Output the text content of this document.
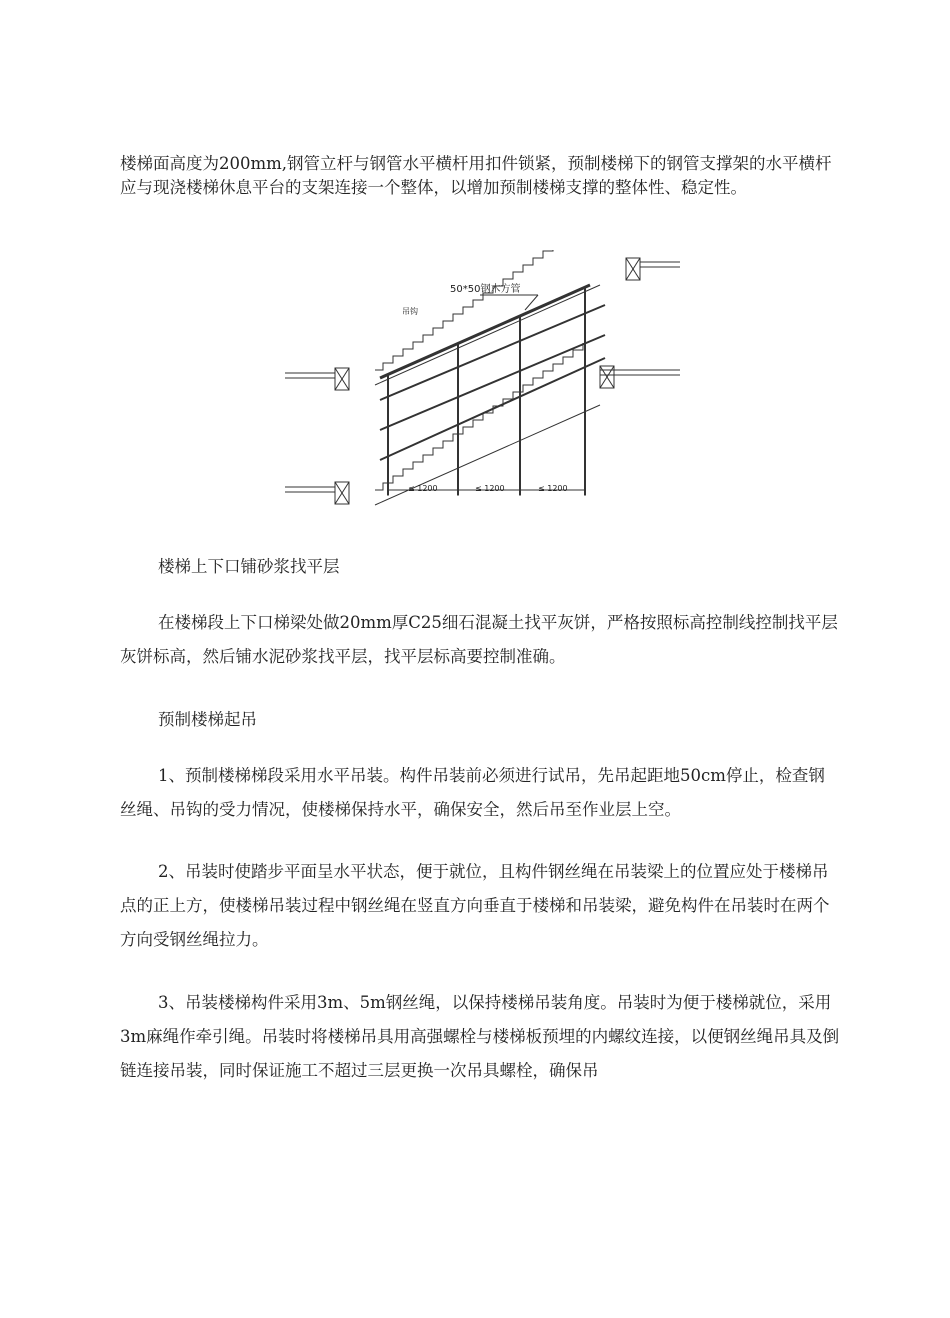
楼梯面高度为200mm,钢管立杆与钢管水平横杆用扣件锁紧，预制楼梯下的钢管支撑架的水平横杆应与现浇楼梯休息平台的支架连接一个整体，以增加预制楼梯支撑的整体性、稳定性。

50*50钢木方管
吊钩
≤ 1200	≤ 1200	≤ 1200
楼梯上下口铺砂浆找平层

在楼梯段上下口梯梁处做20mm厚C25细石混凝土找平灰饼，严格按照标高控制线控制找平层灰饼标高，然后铺水泥砂浆找平层，找平层标高要控制准确。

预制楼梯起吊

1、预制楼梯梯段采用水平吊装。构件吊装前必须进行试吊，先吊起距地50cm停止，检查钢丝绳、吊钩的受力情况，使楼梯保持水平，确保安全，然后吊至作业层上空。

2、吊装时使踏步平面呈水平状态，便于就位，且构件钢丝绳在吊装梁上的位置应处于楼梯吊点的正上方，使楼梯吊装过程中钢丝绳在竖直方向垂直于楼梯和吊装梁，避免构件在吊装时在两个方向受钢丝绳拉力。

3、吊装楼梯构件采用3m、5m钢丝绳，以保持楼梯吊装角度。吊装时为便于楼梯就位，采用3m麻绳作牵引绳。吊装时将楼梯吊具用高强螺栓与楼梯板预埋的内螺纹连接，以便钢丝绳吊具及倒链连接吊装，同时保证施工不超过三层更换一次吊具螺栓，确保吊
